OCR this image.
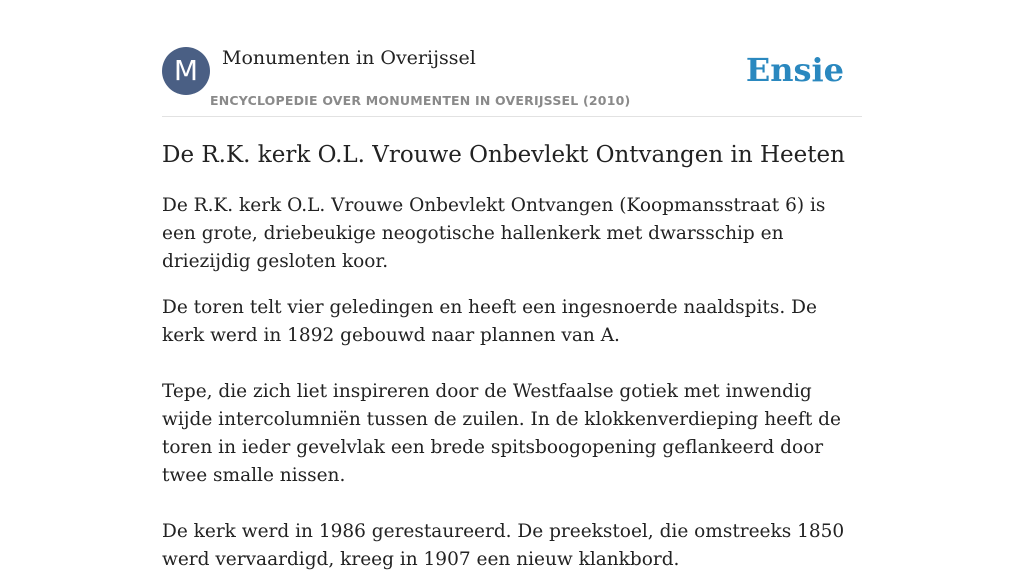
M	Monumenten in Overijssel
ENCYCLOPEDIE OVER MONUMENTEN IN OVERIJSSEL (2010)
Ensie
De R.K. kerk O.L. Vrouwe Onbevlekt Ontvangen in Heeten

De R.K. kerk O.L. Vrouwe Onbevlekt Ontvangen (Koopmansstraat 6) is een grote, driebeukige neogotische hallenkerk met dwarsschip en driezijdig gesloten koor.

De toren telt vier geledingen en heeft een ingesnoerde naaldspits. De kerk werd in 1892 gebouwd naar plannen van A.

Tepe, die zich liet inspireren door de Westfaalse gotiek met inwendig wijde intercolumniën tussen de zuilen. In de klokkenverdieping heeft de toren in ieder gevelvlak een brede spitsboogopening geflankeerd door twee smalle nissen.

De kerk werd in 1986 gerestaureerd. De preekstoel, die omstreeks 1850 werd vervaardigd, kreeg in 1907 een nieuw klankbord.
